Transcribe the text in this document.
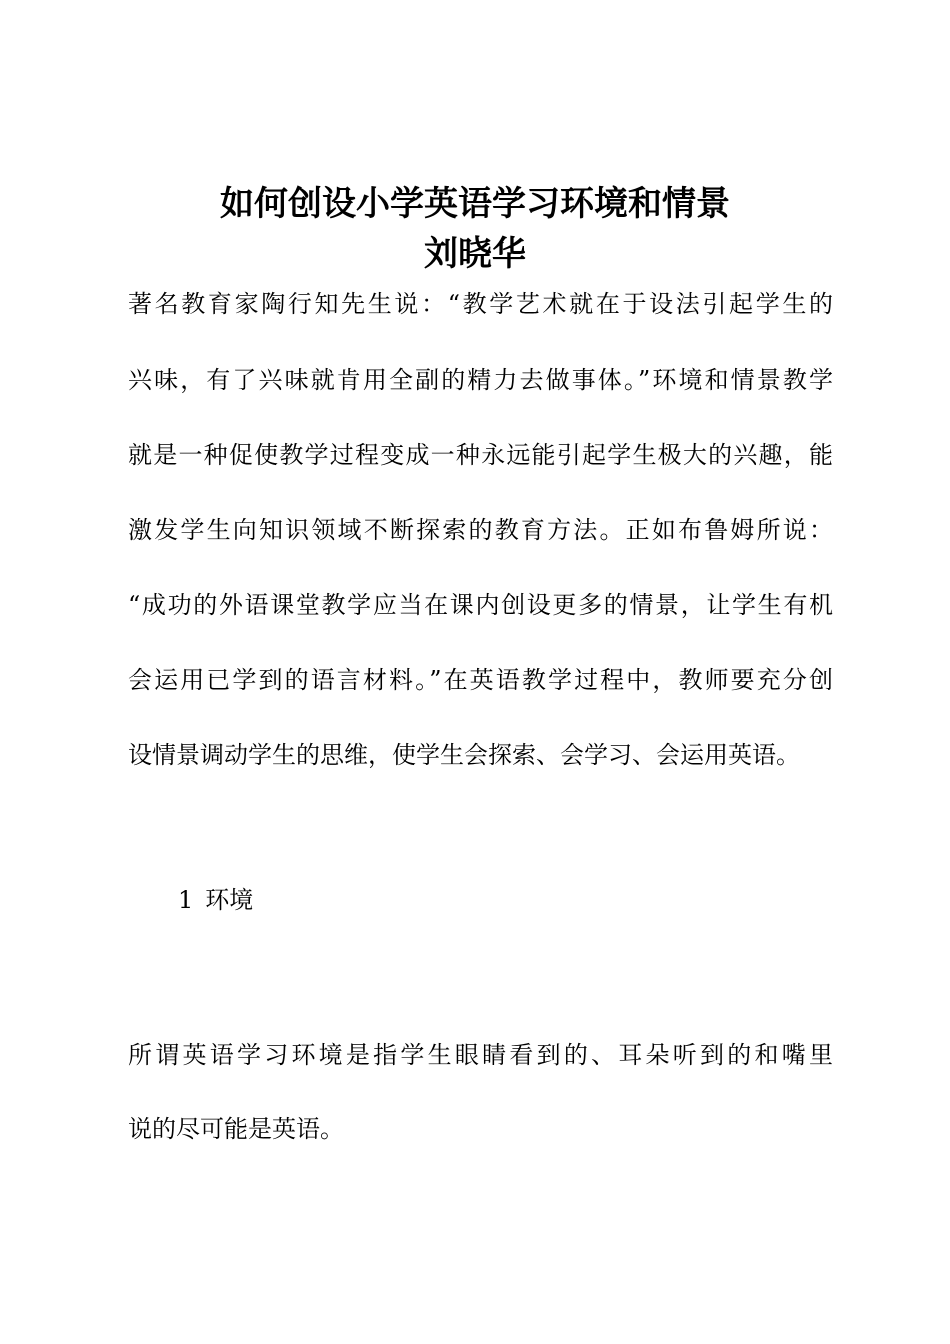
如何创设小学英语学习环境和情景
刘晓华
著名教育家陶行知先生说：“教学艺术就在于设法引起学生的
兴味，有了兴味就肯用全副的精力去做事体。”环境和情景教学
就是一种促使教学过程变成一种永远能引起学生极大的兴趣，能
激发学生向知识领域不断探索的教育方法。正如布鲁姆所说：
“成功的外语课堂教学应当在课内创设更多的情景，让学生有机
会运用已学到的语言材料。”在英语教学过程中，教师要充分创
设情景调动学生的思维，使学生会探索、会学习、会运用英语。
1 环境
所谓英语学习环境是指学生眼睛看到的、耳朵听到的和嘴里
说的尽可能是英语。
